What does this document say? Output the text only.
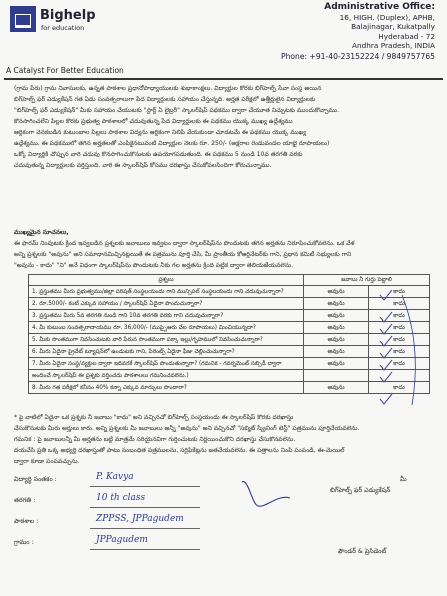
Bighelp
for education
Administrative Office:
16, HIGH. (Duplex), APHB,
Balajinagar, Kukatpally
Hyderabad - 72
Andhra Pradesh, INDIA
Phone: +91-40-23152224 / 9849757765
A Catalyst For Better Education
(గ్రామ పేరు) గ్రామ నివాసులకు, ఉన్నత పాఠశాల ప్రధానోపాధ్యాయులకు శుభాకాంక్షలు. విద్యార్థుల కొరకు బిగ్‌హెల్ప్ సేవా సంస్థ అయిన
బిగ్‌హెల్ప్ ఫర్ ఎడ్యుకేషన్ గత ఏడు సంవత్సరాలుగా పేద విద్యార్థులకు సహాయం చేస్తున్నది. అర్హత పరీక్షలో ఉత్తీర్ణులైన విద్యార్థులకు
"బిగ్‌హెల్ప్ ఫర్ ఎడ్యుకేషన్" మీకు సహాయం చేయుటకు "స్టార్ట్ ఏ లైబ్రరీ" స్కాలర్‌షిప్ పథకము ద్వారా చేయూత నిచ్చుటకు ముందుకొచ్చాము.
కొనసాగించలేని పిల్లల కొరకు ప్రభుత్వ పాఠశాలలో చదువుతున్న పేద విద్యార్థులకు ఈ పథకము యొక్క ముఖ్య ఉద్దేశ్యము
ఆర్థికంగా వెనకబడిన కుటుంబాల పిల్లలు పాఠశాల విద్యను ఆర్థికంగా నిలిపి వేయకుండా చూడటమే ఈ పథకము యొక్క ముఖ్య
ఉద్దేశ్యము. ఈ పథకములో తగిన అర్హతలతో ఎంపికైనటువంటి విద్యార్థుల నెలకు రూ. 250/- (అక్షరాల రెండువందల యాభై రూపాయలు)
ఒక్కో విద్యార్థికి చొప్పున వారి చదువు కొనసాగించుకొనుటకు ఉపయోగపడుతుంది. ఈ పథకము 5 నుండి 10వ తరగతి వరకు
చదువుతున్న విద్యార్థులకు వర్తిస్తుంది. వారి ఈ స్కాలర్‌షిప్ కోసము దరఖాస్తు చేసుకోవలసిందిగా కోరుచున్నాము.
ముఖ్యమైన సూచనలు,
ఈ ఫారమ్ నింపుటకు క్రింద ఇవ్వబడిన ప్రశ్నలకు జవాబులు ఇవ్వటం ద్వారా స్కాలర్‌షిప్‌ను పొందుటకు తగిన అర్హతను నిరూపించుకోవలెను. ఒక వేళ
అన్ని ప్రశ్నలకు "అవును" అని సమాధానమిచ్చినట్లయితే ఈ పత్రమును పూర్తి చేసి, మీ ప్రాంతీయ కోఆర్డినేటర్‌కు గాని, ప్రధాన కమిటీ సభ్యులకు గాని
"అవును - కాదు" "ని" అనే విధంగా స్కాలర్‌షిప్‌ను పొందుటకు నీకు గల అర్హతను క్రింది పట్టిక ద్వారా తెలియజేయవలెను.
ప్రశ్నలు	జవాబు నీ గుర్తు పెట్టాలి	
1. ప్రస్తుతము మీరు ప్రభుత్వము/జిల్లా పరిషత్ సంస్థలయందు గాని మున్సిపల్ సంస్థలయందు గాని చదువుచున్నారా?	అవును	కాదు
2. రూ.5000/- కంటే ఎక్కువ సహాయం / స్కాలర్‌షిప్ ఏదైనా పొందుచున్నారా?	అవును	కాదు
3. ప్రస్తుతము మీరు 5వ తరగతి నుండి గాని 10వ తరగతి వరకు గాని చదువుచున్నారా?	అవును	కాదు
4. మీ కుటుంబ సంవత్సరాదాయము రూ. 36,000/- (ముప్పైఆరు వేల రూపాయలు) మించియున్నదా?	అవును	కాదు
5. మీకు సొంతముగా నివసించుటకు వారి పేరున సొంతముగా పక్కా ఇల్లు/గృహములో నివసించుచున్నారా?	అవును	కాదు
6. మీరు ఏదైనా ప్రైవేట్ ట్యూషన్‌లో ఉండుటకు గాని, పేరెంట్స్ ఏదైనా ఫీజు చెల్లించుచున్నారా?	అవును	కాదు
7. మీరు ఏదైనా సంస్థ/వ్యక్తుల ద్వారా ఇదివరకే స్కాలర్‌షిప్ పొందుతున్నారా? (గమనిక - గవర్నమెంట్ సబ్సిడీ ద్వారా	అవును	కాదు
అందించే స్కాలర్‌షిప్ ఈ ప్రశ్నకు వర్తించదు పాఠశాలలు గమనించవలెను.)		
8. మీరు గత పరీక్షలో కనీసం 40% కన్నా ఎక్కువ మార్కులు పొందారా?	అవును	కాదు
* పై వాటిలో ఏదైనా ఒక ప్రశ్నకు నీ జవాబు "కాదు" అని వచ్చినచో బిగ్‌హెల్ప్ సంస్థయందు ఈ స్కాలర్‌షిప్ కొరకు దరఖాస్తు
చేసుకొనుటకు మీరు అర్హులు కారు. అన్ని ప్రశ్నలకు మీ జవాబులు అన్నీ "అవును" అని వచ్చినచో "సబ్మిట్ స్క్రీనింగ్ టెస్ట్" పత్రమును పూర్తిచేయవలెను.
గమనిక : పై జవాబులన్నీ మీ అర్హతను బట్టి మాత్రమే సరియైనవిగా గుర్తించుటకు నిర్ణయించుకొని దరఖాస్తు చేసుకొనవలెను.
దయచేసి ప్రతి ఒక్క అభ్యర్థి దరఖాస్తుతో పాటు సంబంధిత పత్రములను, సర్టిఫికేట్లను జతచేయవలెను. ఈ పత్రాలను నింపి పంపండి, ఈ-మెయిల్
ద్వారా కూడా పంపవచ్చును.
విద్యార్థి సంతకం :	P. Kavya
తరగతి :	10 th class
పాఠశాల :	ZPPSS, JPPagudem
గ్రామం :	JPPagudem
మీ
బిగ్‌హెల్ప్ ఫర్ ఎడ్యుకేషన్
ఫౌండర్ & ప్రెసిడెంట్
